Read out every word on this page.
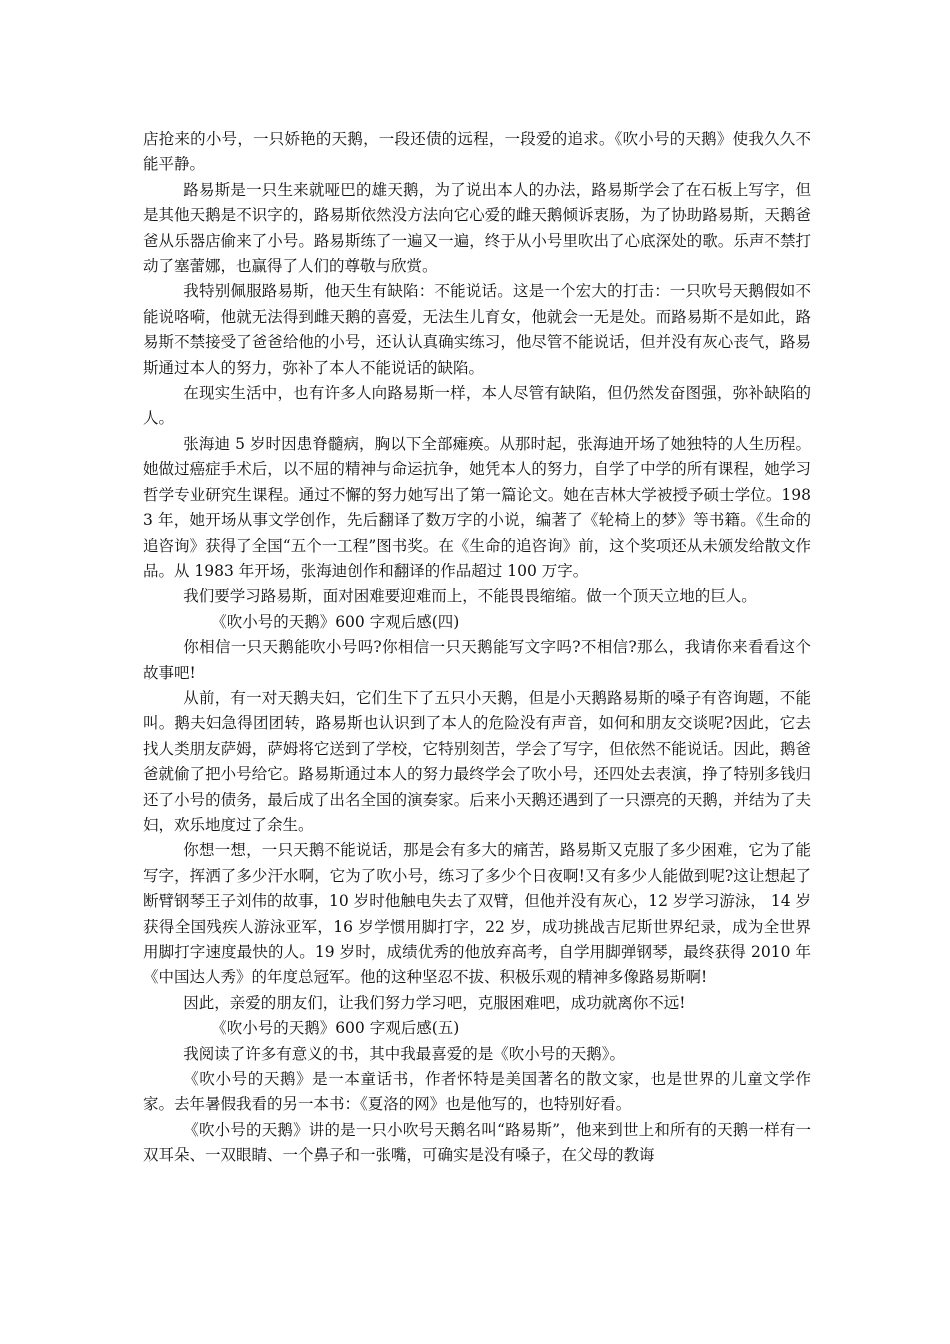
店抢来的小号，一只娇艳的天鹅，一段还债的远程，一段爱的追求。《吹小号的天鹅》使我久久不能平静。

路易斯是一只生来就哑巴的雄天鹅，为了说出本人的办法，路易斯学会了在石板上写字，但是其他天鹅是不识字的，路易斯依然没方法向它心爱的雌天鹅倾诉衷肠，为了协助路易斯，天鹅爸爸从乐器店偷来了小号。路易斯练了一遍又一遍，终于从小号里吹出了心底深处的歌。乐声不禁打动了塞蕾娜，也赢得了人们的尊敬与欣赏。

我特别佩服路易斯，他天生有缺陷：不能说话。这是一个宏大的打击：一只吹号天鹅假如不能说咯嗬，他就无法得到雌天鹅的喜爱，无法生儿育女，他就会一无是处。而路易斯不是如此，路易斯不禁接受了爸爸给他的小号，还认认真确实练习，他尽管不能说话，但并没有灰心丧气，路易斯通过本人的努力，弥补了本人不能说话的缺陷。

在现实生活中，也有许多人向路易斯一样，本人尽管有缺陷，但仍然发奋图强，弥补缺陷的人。

张海迪 5 岁时因患脊髓病，胸以下全部瘫痪。从那时起，张海迪开场了她独特的人生历程。她做过癌症手术后，以不屈的精神与命运抗争，她凭本人的努力，自学了中学的所有课程，她学习哲学专业研究生课程。通过不懈的努力她写出了第一篇论文。她在吉林大学被授予硕士学位。1983 年，她开场从事文学创作，先后翻译了数万字的小说，编著了《轮椅上的梦》等书籍。《生命的追咨询》获得了全国“五个一工程”图书奖。在《生命的追咨询》前，这个奖项还从未颁发给散文作品。从 1983 年开场，张海迪创作和翻译的作品超过 100 万字。

我们要学习路易斯，面对困难要迎难而上，不能畏畏缩缩。做一个顶天立地的巨人。

《吹小号的天鹅》600 字观后感(四)

你相信一只天鹅能吹小号吗?你相信一只天鹅能写文字吗?不相信?那么，我请你来看看这个故事吧!

从前，有一对天鹅夫妇，它们生下了五只小天鹅，但是小天鹅路易斯的嗓子有咨询题，不能叫。鹅夫妇急得团团转，路易斯也认识到了本人的危险没有声音，如何和朋友交谈呢?因此，它去找人类朋友萨姆，萨姆将它送到了学校，它特别刻苦，学会了写字，但依然不能说话。因此，鹅爸爸就偷了把小号给它。路易斯通过本人的努力最终学会了吹小号，还四处去表演，挣了特别多钱归还了小号的债务，最后成了出名全国的演奏家。后来小天鹅还遇到了一只漂亮的天鹅，并结为了夫妇，欢乐地度过了余生。

你想一想，一只天鹅不能说话，那是会有多大的痛苦，路易斯又克服了多少困难，它为了能写字，挥洒了多少汗水啊，它为了吹小号，练习了多少个日夜啊!又有多少人能做到呢?这让想起了断臂钢琴王子刘伟的故事，10 岁时他触电失去了双臂，但他并没有灰心，12 岁学习游泳， 14 岁获得全国残疾人游泳亚军，16 岁学惯用脚打字，22 岁，成功挑战吉尼斯世界纪录，成为全世界用脚打字速度最快的人。19 岁时，成绩优秀的他放弃高考，自学用脚弹钢琴，最终获得 2010 年《中国达人秀》的年度总冠军。他的这种坚忍不拔、积极乐观的精神多像路易斯啊!

因此，亲爱的朋友们，让我们努力学习吧，克服困难吧，成功就离你不远!

《吹小号的天鹅》600 字观后感(五)

我阅读了许多有意义的书，其中我最喜爱的是《吹小号的天鹅》。

《吹小号的天鹅》是一本童话书，作者怀特是美国著名的散文家，也是世界的儿童文学作家。去年暑假我看的另一本书：《夏洛的网》也是他写的，也特别好看。

《吹小号的天鹅》讲的是一只小吹号天鹅名叫“路易斯”，他来到世上和所有的天鹅一样有一双耳朵、一双眼睛、一个鼻子和一张嘴，可确实是没有嗓子，在父母的教诲
